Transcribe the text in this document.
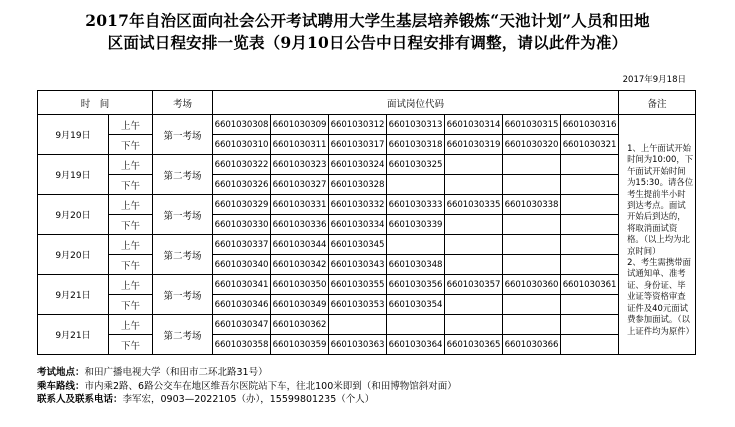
2017年自治区面向社会公开考试聘用大学生基层培养锻炼“天池计划”人员和田地
区面试日程安排一览表（9月10日公告中日程安排有调整，请以此件为准）
2017年9月18日
时　间		考场	面试岗位代码							备注
9月19日	上午	第一考场	6601030308	6601030309	6601030312	6601030313	6601030314	6601030315	6601030316	1、上午面试开始时间为10:00，下午面试开始时间为15:30。请各位考生提前半小时到达考点。面试开始后到达的，将取消面试资格。（以上均为北京时间）
2、考生需携带面试通知单、准考证、身份证、毕业证等资格审查证件及40元面试费参加面试。（以上证件均为原件）

	下午		6601030310	6601030311	6601030317	6601030318	6601030319	6601030320	6601030321	
9月19日	上午	第二考场	6601030322	6601030323	6601030324	6601030325				
	下午		6601030326	6601030327	6601030328					
9月20日	上午	第一考场	6601030329	6601030331	6601030332	6601030333	6601030335	6601030338		
	下午		6601030330	6601030336	6601030334	6601030339				
9月20日	上午	第二考场	6601030337	6601030344	6601030345					
	下午		6601030340	6601030342	6601030343	6601030348				
9月21日	上午	第一考场	6601030341	6601030350	6601030355	6601030356	6601030357	6601030360	6601030361	
	下午		6601030346	6601030349	6601030353	6601030354				
9月21日	上午	第二考场	6601030347	6601030362						
	下午		6601030358	6601030359	6601030363	6601030364	6601030365	6601030366		
考试地点：和田广播电视大学（和田市二环北路31号）
乘车路线：市内乘2路、6路公交车在地区维吾尔医院站下车，往北100米即到（和田博物馆斜对面）
联系人及联系电话：李军宏，0903—2022105（办），15599801235（个人）
